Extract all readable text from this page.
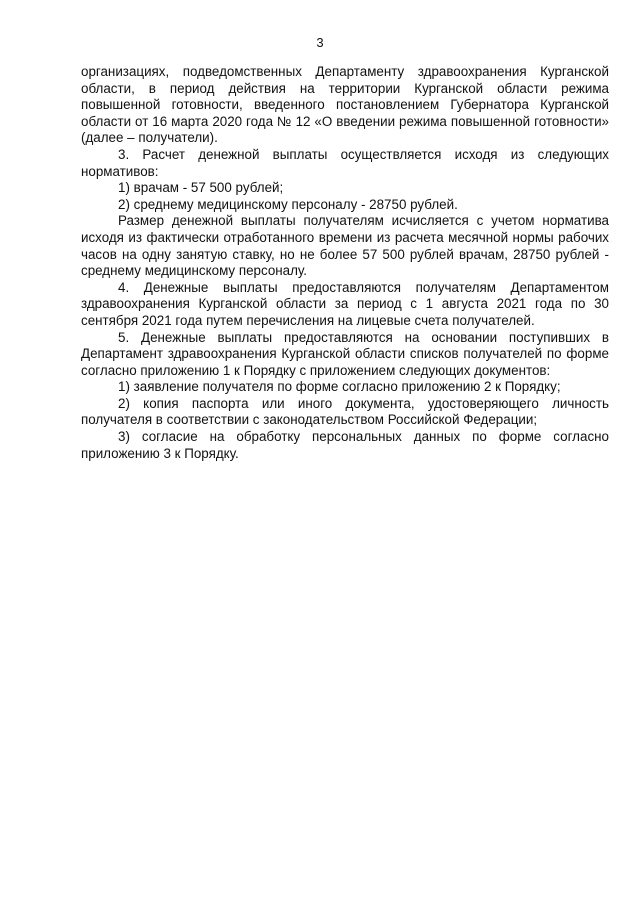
3

организациях, подведомственных Департаменту здравоохранения Курганской области, в период действия на территории Курганской области режима повышенной готовности, введенного постановлением Губернатора Курганской области от 16 марта 2020 года № 12 «О введении режима повышенной готовности» (далее – получатели).

3. Расчет денежной выплаты осуществляется исходя из следующих нормативов:

1) врачам - 57 500 рублей;

2) среднему медицинскому персоналу - 28750 рублей.

Размер денежной выплаты получателям исчисляется с учетом норматива исходя из фактически отработанного времени из расчета месячной нормы рабочих часов на одну занятую ставку, но не более 57 500 рублей врачам, 28750 рублей - среднему медицинскому персоналу.

4. Денежные выплаты предоставляются получателям Департаментом здравоохранения Курганской области за период с 1 августа 2021 года по 30 сентября 2021 года путем перечисления на лицевые счета получателей.

5. Денежные выплаты предоставляются на основании поступивших в Департамент здравоохранения Курганской области списков получателей по форме согласно приложению 1 к Порядку с приложением следующих документов:

1) заявление получателя по форме согласно приложению 2 к Порядку;

2) копия паспорта или иного документа, удостоверяющего личность получателя в соответствии с законодательством Российской Федерации;

3) согласие на обработку персональных данных по форме согласно приложению 3 к Порядку.
